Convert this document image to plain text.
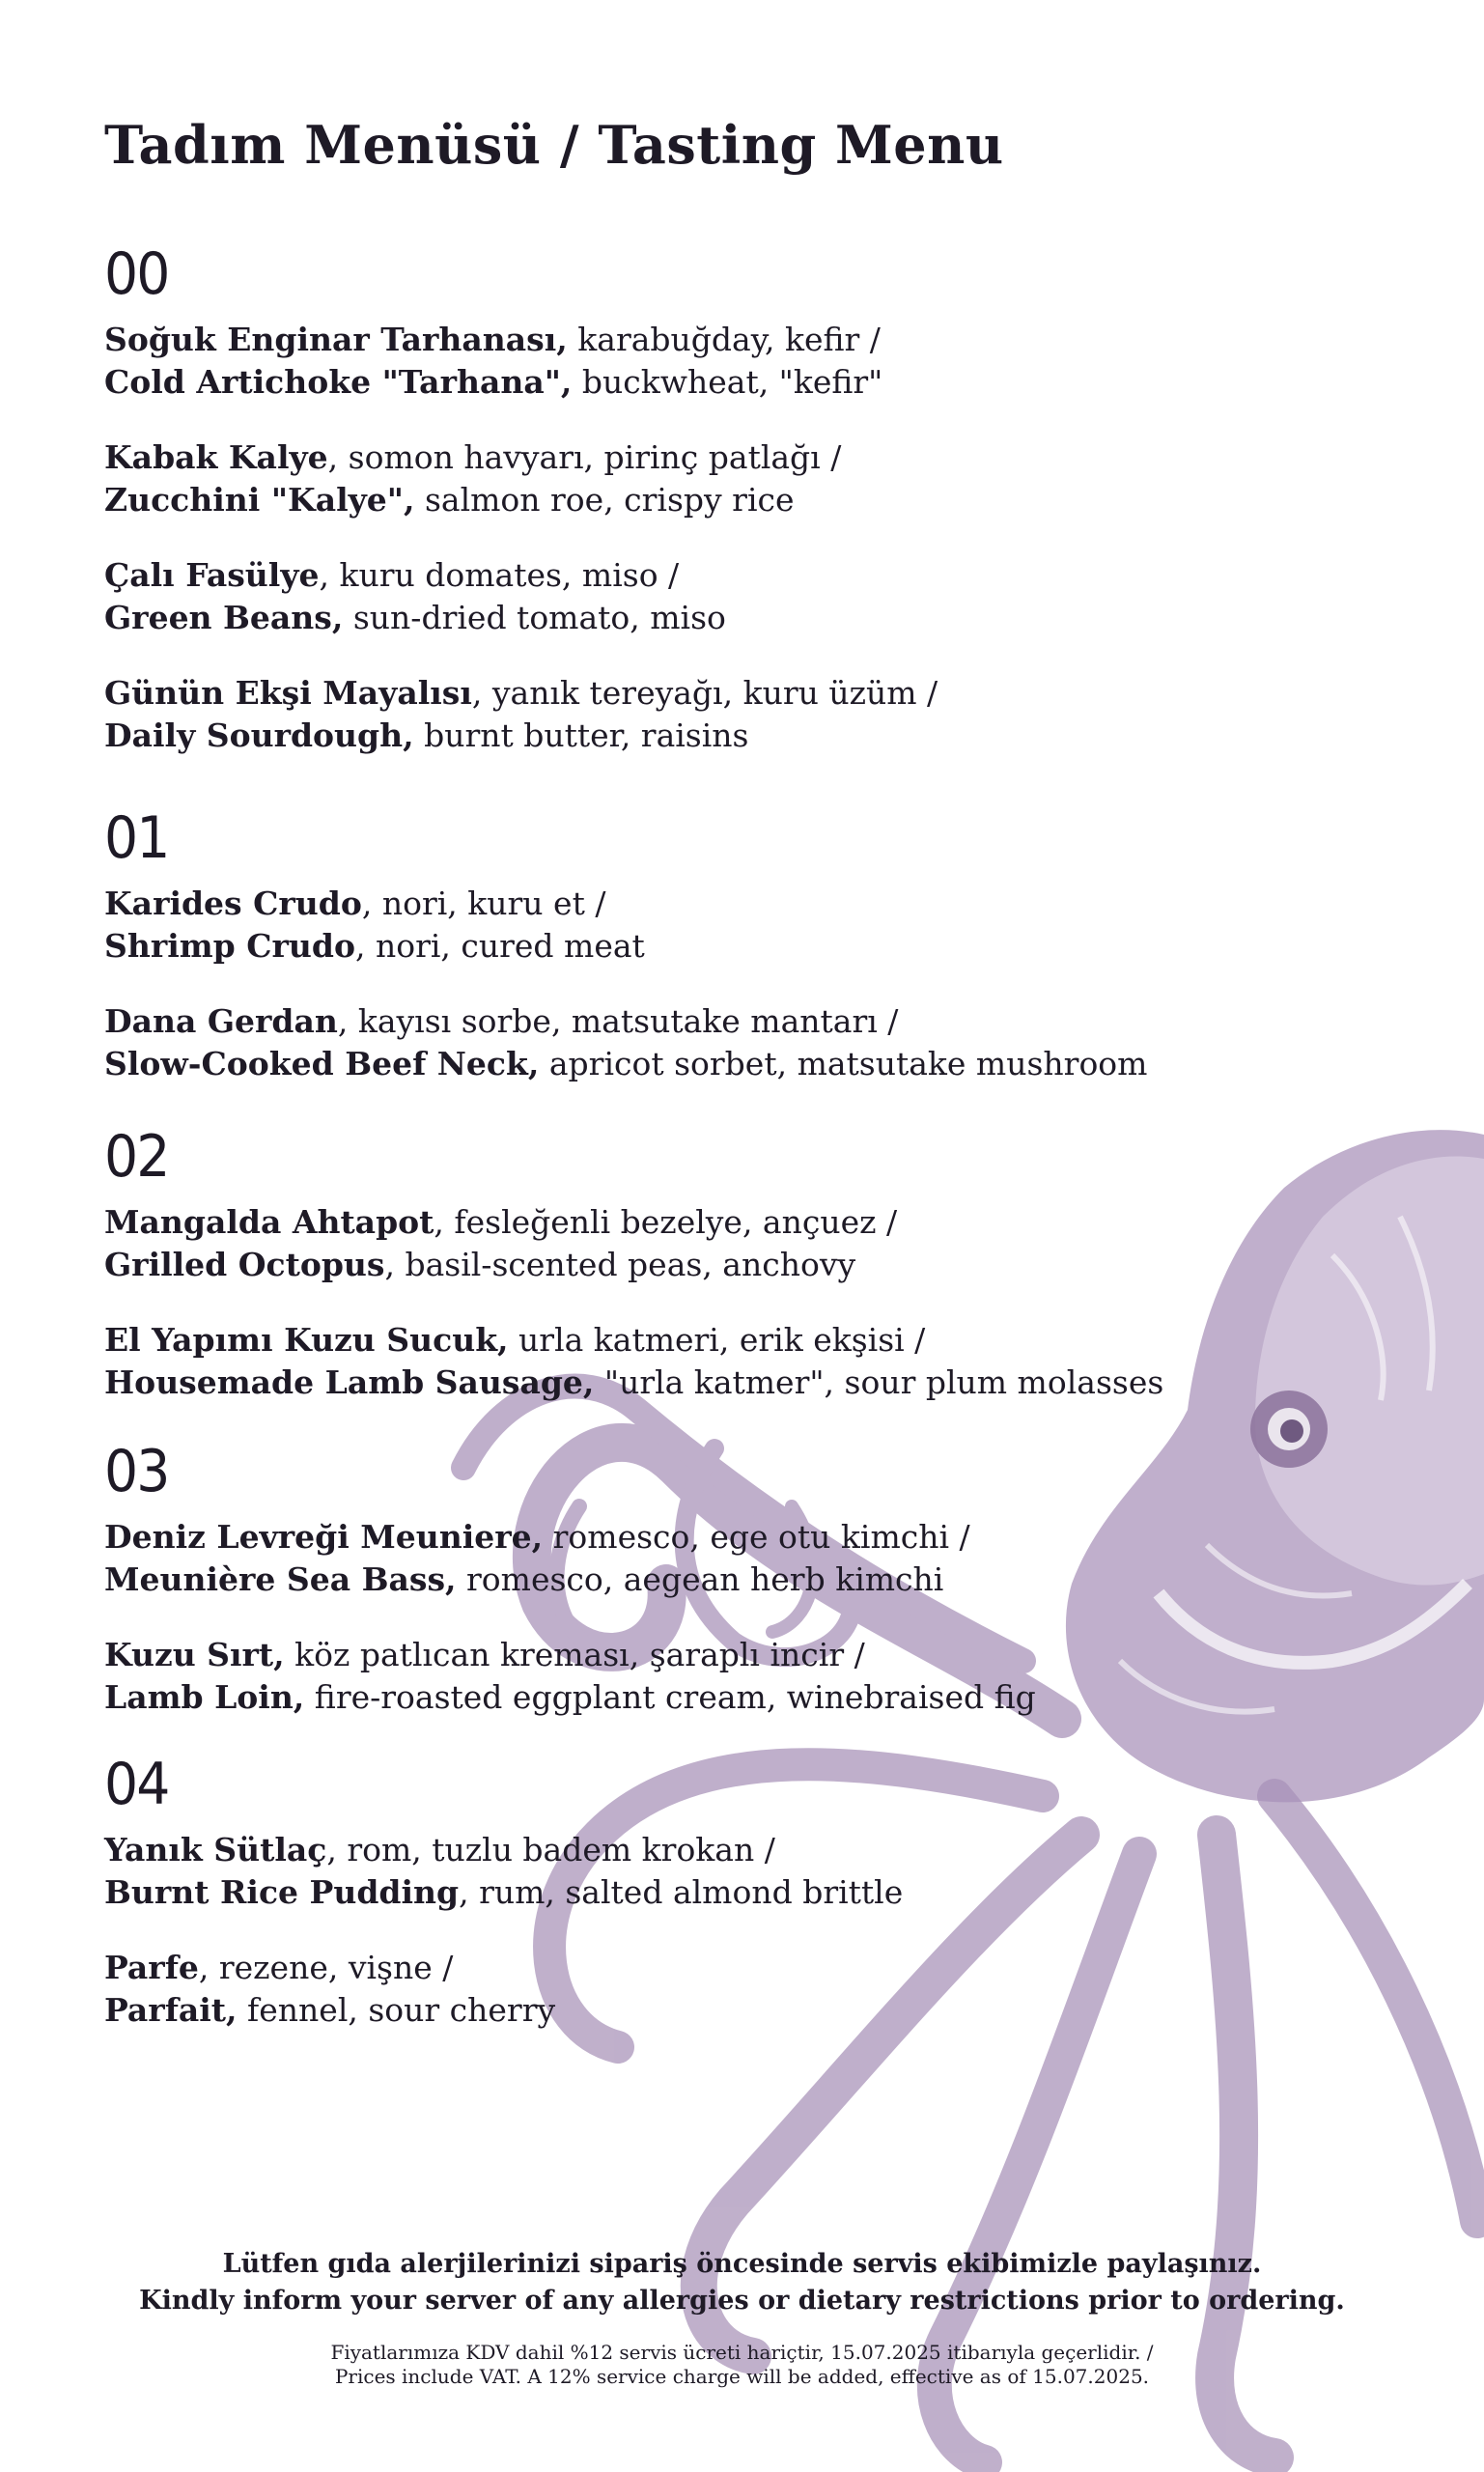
Tadım Menüsü / Tasting Menu
00
Soğuk Enginar Tarhanası, karabuğday, kefir /
Cold Artichoke "Tarhana", buckwheat, "kefir"
Kabak Kalye, somon havyarı, pirinç patlağı /
Zucchini "Kalye", salmon roe, crispy rice
Çalı Fasülye, kuru domates, miso /
Green Beans, sun-dried tomato, miso
Günün Ekşi Mayalısı, yanık tereyağı, kuru üzüm /
Daily Sourdough, burnt butter, raisins
01
Karides Crudo, nori, kuru et /
Shrimp Crudo, nori, cured meat
Dana Gerdan, kayısı sorbe, matsutake mantarı /
Slow-Cooked Beef Neck, apricot sorbet, matsutake mushroom
02
Mangalda Ahtapot, fesleğenli bezelye, ançuez /
Grilled Octopus, basil-scented peas, anchovy
El Yapımı Kuzu Sucuk, urla katmeri, erik ekşisi /
Housemade Lamb Sausage, "urla katmer", sour plum molasses
03
Deniz Levreği Meuniere, romesco, ege otu kimchi /
Meunière Sea Bass, romesco, aegean herb kimchi
Kuzu Sırt, köz patlıcan kreması, şaraplı incir /
Lamb Loin, fire-roasted eggplant cream, winebraised fig
04
Yanık Sütlaç, rom, tuzlu badem krokan /
Burnt Rice Pudding, rum, salted almond brittle
Parfe, rezene, vişne /
Parfait, fennel, sour cherry
Lütfen gıda alerjilerinizi sipariş öncesinde servis ekibimizle paylaşınız.
Kindly inform your server of any allergies or dietary restrictions prior to ordering.
Fiyatlarımıza KDV dahil %12 servis ücreti hariçtir, 15.07.2025 itibarıyla geçerlidir. /
Prices include VAT. A 12% service charge will be added, effective as of 15.07.2025.
